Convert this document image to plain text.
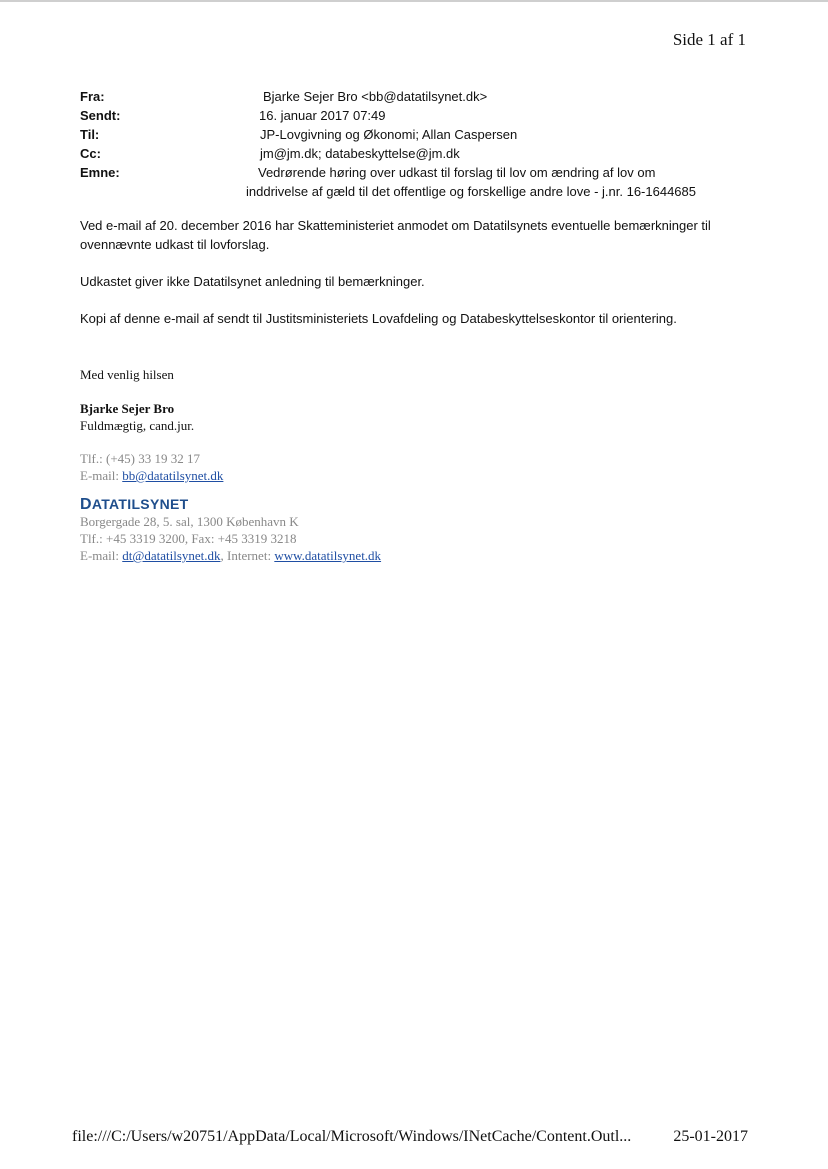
Side 1 af 1
Fra:	Bjarke Sejer Bro <bb@datatilsynet.dk>
Sendt:	16. januar 2017 07:49
Til:	JP-Lovgivning og Økonomi; Allan Caspersen
Cc:	jm@jm.dk; databeskyttelse@jm.dk
Emne:	Vedrørende høring over udkast til forslag til lov om ændring af lov om
inddrivelse af gæld til det offentlige og forskellige andre love - j.nr. 16-1644685

Ved e-mail af 20. december 2016 har Skatteministeriet anmodet om Datatilsynets eventuelle bemærkninger til ovennævnte udkast til lovforslag.

Udkastet giver ikke Datatilsynet anledning til bemærkninger.

Kopi af denne e-mail af sendt til Justitsministeriets Lovafdeling og Databeskyttelseskontor til orientering.

Med venlig hilsen
Bjarke Sejer Bro
Fuldmægtig, cand.jur.
Tlf.: (+45) 33 19 32 17
E-mail: bb@datatilsynet.dk
DATATILSYNET
Borgergade 28, 5. sal, 1300 København K
Tlf.: +45 3319 3200, Fax: +45 3319 3218
E-mail: dt@datatilsynet.dk, Internet: www.datatilsynet.dk
file:///C:/Users/w20751/AppData/Local/Microsoft/Windows/INetCache/Content.Outl...	25-01-2017
